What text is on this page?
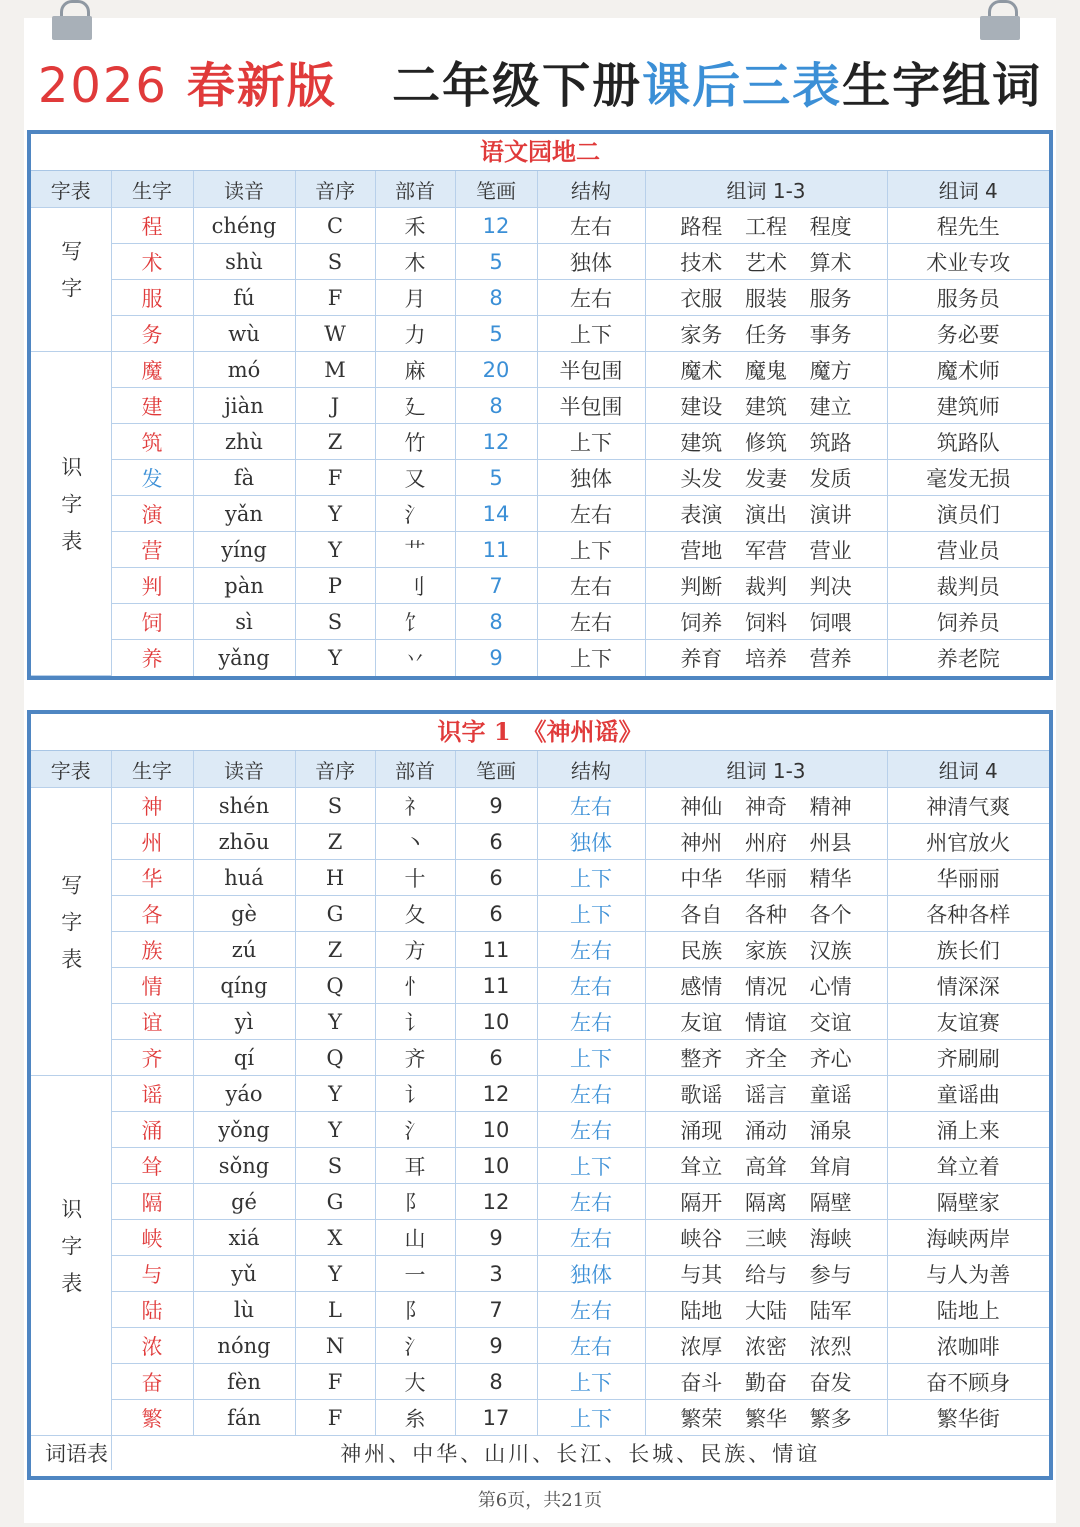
2026 春新版 二年级下册课后三表生字组词
语文园地二
字表	生字	读音	音序	部首	笔画	结构	组词 1-3	组词 4
写字	程	chéng	C	禾	12	左右	路程 工程 程度	程先生
	术	shù	S	木	5	独体	技术 艺术 算术	术业专攻
	服	fú	F	月	8	左右	衣服 服装 服务	服务员
	务	wù	W	力	5	上下	家务 任务 事务	务必要
识字表	魔	mó	M	麻	20	半包围	魔术 魔鬼 魔方	魔术师
	建	jiàn	J	廴	8	半包围	建设 建筑 建立	建筑师
	筑	zhù	Z	竹	12	上下	建筑 修筑 筑路	筑路队
	发	fà	F	又	5	独体	头发 发妻 发质	毫发无损
	演	yǎn	Y	氵	14	左右	表演 演出 演讲	演员们
	营	yíng	Y	艹	11	上下	营地 军营 营业	营业员
	判	pàn	P	刂	7	左右	判断 裁判 判决	裁判员
	饲	sì	S	饣	8	左右	饲养 饲料 饲喂	饲养员
	养	yǎng	Y	丷	9	上下	养育 培养 营养	养老院
识字 1　《神州谣》
字表	生字	读音	音序	部首	笔画	结构	组词 1-3	组词 4
写字表	神	shén	S	礻	9	左右	神仙 神奇 精神	神清气爽
	州	zhōu	Z	丶	6	独体	神州 州府 州县	州官放火
	华	huá	H	十	6	上下	中华 华丽 精华	华丽丽
	各	gè	G	夂	6	上下	各自 各种 各个	各种各样
	族	zú	Z	方	11	左右	民族 家族 汉族	族长们
	情	qíng	Q	忄	11	左右	感情 情况 心情	情深深
	谊	yì	Y	讠	10	左右	友谊 情谊 交谊	友谊赛
	齐	qí	Q	齐	6	上下	整齐 齐全 齐心	齐刷刷
识字表	谣	yáo	Y	讠	12	左右	歌谣 谣言 童谣	童谣曲
	涌	yǒng	Y	氵	10	左右	涌现 涌动 涌泉	涌上来
	耸	sǒng	S	耳	10	上下	耸立 高耸 耸肩	耸立着
	隔	gé	G	阝	12	左右	隔开 隔离 隔壁	隔壁家
	峡	xiá	X	山	9	左右	峡谷 三峡 海峡	海峡两岸
	与	yǔ	Y	一	3	独体	与其 给与 参与	与人为善
	陆	lù	L	阝	7	左右	陆地 大陆 陆军	陆地上
	浓	nóng	N	氵	9	左右	浓厚 浓密 浓烈	浓咖啡
	奋	fèn	F	大	8	上下	奋斗 勤奋 奋发	奋不顾身
	繁	fán	F	糸	17	上下	繁荣 繁华 繁多	繁华街
词语表	神州、中华、山川、长江、长城、民族、情谊							
第6页，共21页
